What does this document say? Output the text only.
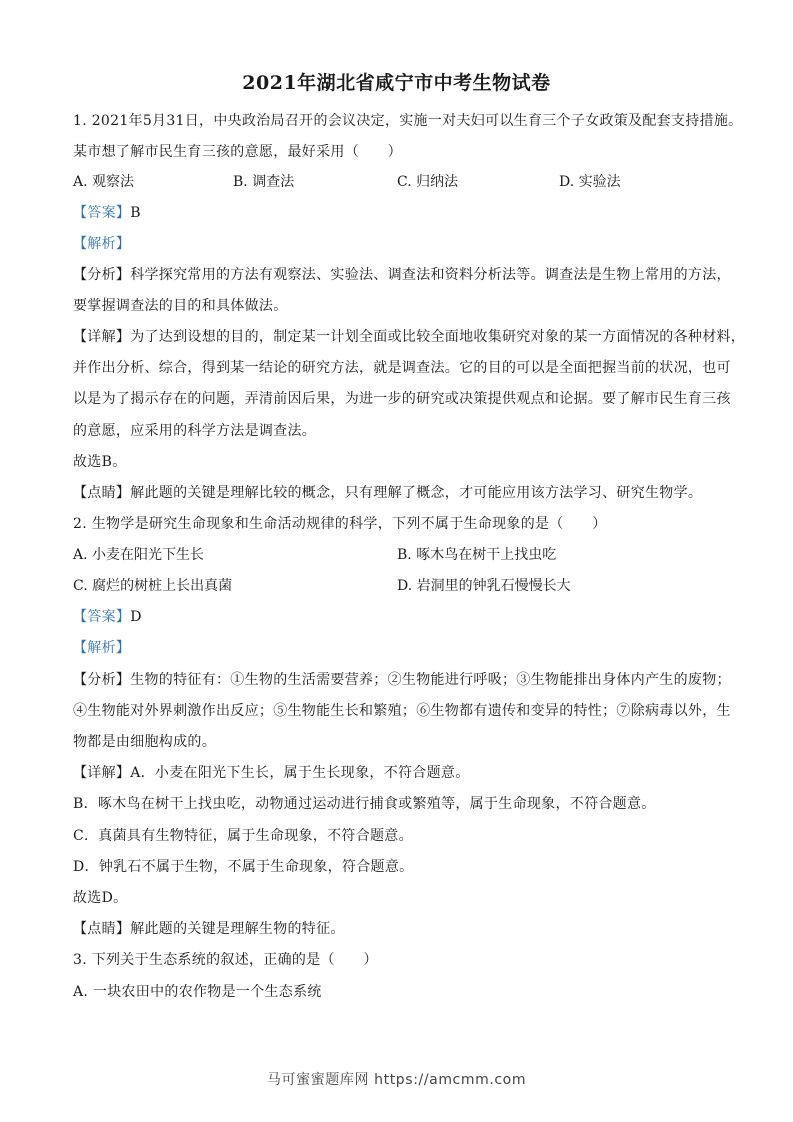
2021年湖北省咸宁市中考生物试卷
1. 2021年5月31日，中央政治局召开的会议决定，实施一对夫妇可以生育三个子女政策及配套支持措施。
某市想了解市民生育三孩的意愿，最好采用（　　）
A. 观察法	B. 调查法	C. 归纳法	D. 实验法
【答案】B
【解析】
【分析】科学探究常用的方法有观察法、实验法、调查法和资料分析法等。调查法是生物上常用的方法，
要掌握调查法的目的和具体做法。
【详解】为了达到设想的目的，制定某一计划全面或比较全面地收集研究对象的某一方面情况的各种材料，
并作出分析、综合，得到某一结论的研究方法，就是调查法。它的目的可以是全面把握当前的状况，也可
以是为了揭示存在的问题，弄清前因后果，为进一步的研究或决策提供观点和论据。要了解市民生育三孩
的意愿，应采用的科学方法是调查法。
故选B。
【点睛】解此题的关键是理解比较的概念，只有理解了概念，才可能应用该方法学习、研究生物学。
2. 生物学是研究生命现象和生命活动规律的科学，下列不属于生命现象的是（　　）
A. 小麦在阳光下生长	B. 啄木鸟在树干上找虫吃
C. 腐烂的树桩上长出真菌	D. 岩洞里的钟乳石慢慢长大
【答案】D
【解析】
【分析】生物的特征有：①生物的生活需要营养；②生物能进行呼吸；③生物能排出身体内产生的废物；
④生物能对外界刺激作出反应；⑤生物能生长和繁殖；⑥生物都有遗传和变异的特性；⑦除病毒以外，生
物都是由细胞构成的。
【详解】A．小麦在阳光下生长，属于生长现象，不符合题意。
B．啄木鸟在树干上找虫吃，动物通过运动进行捕食或繁殖等，属于生命现象，不符合题意。
C．真菌具有生物特征，属于生命现象，不符合题意。
D．钟乳石不属于生物，不属于生命现象，符合题意。
故选D。
【点睛】解此题的关键是理解生物的特征。
3. 下列关于生态系统的叙述，正确的是（　　）
A. 一块农田中的农作物是一个生态系统
马可蜜蜜题库网 https://amcmm.com
